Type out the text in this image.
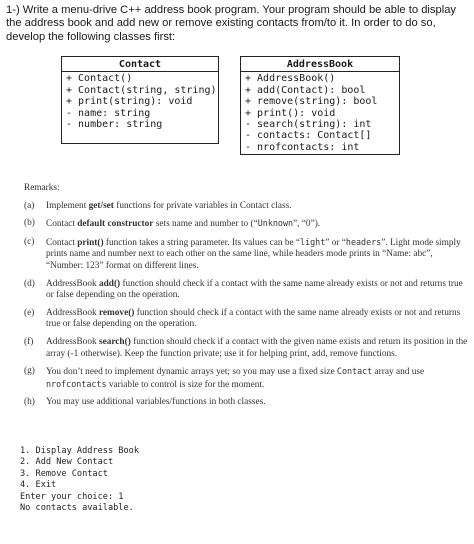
1-) Write a menu-drive C++ address book program. Your program should be able to display the address book and add new or remove existing contacts from/to it. In order to do so, develop the following classes first:
Contact
+ Contact()
+ Contact(string, string)
+ print(string): void
- name: string
- number: string
AddressBook
+ AddressBook()
+ add(Contact): bool
+ remove(string): bool
+ print(): void
- search(string): int
- contacts: Contact[]
- nrofcontacts: int
Remarks:
(a) Implement get/set functions for private variables in Contact class.
(b) Contact default constructor sets name and number to (“Unknown”, “0”).
(c) Contact print() function takes a string parameter. Its values can be “light” or “headers”. Light mode simply prints name and number next to each other on the same line, while headers mode prints in “Name: abc”, “Number: 123” format on different lines.
(d) AddressBook add() function should check if a contact with the same name already exists or not and returns true or false depending on the operation.
(e) AddressBook remove() function should check if a contact with the same name already exists or not and returns true or false depending on the operation.
(f) AddressBook search() function should check if a contact with the given name exists and return its position in the array (-1 otherwise). Keep the function private; use it for helping print, add, remove functions.
(g) You don’t need to implement dynamic arrays yet; so you may use a fixed size Contact array and use nrofcontacts variable to control is size for the moment.
(h) You may use additional variables/functions in both classes.
1. Display Address Book
2. Add New Contact
3. Remove Contact
4. Exit
Enter your choice: 1
No contacts available.
